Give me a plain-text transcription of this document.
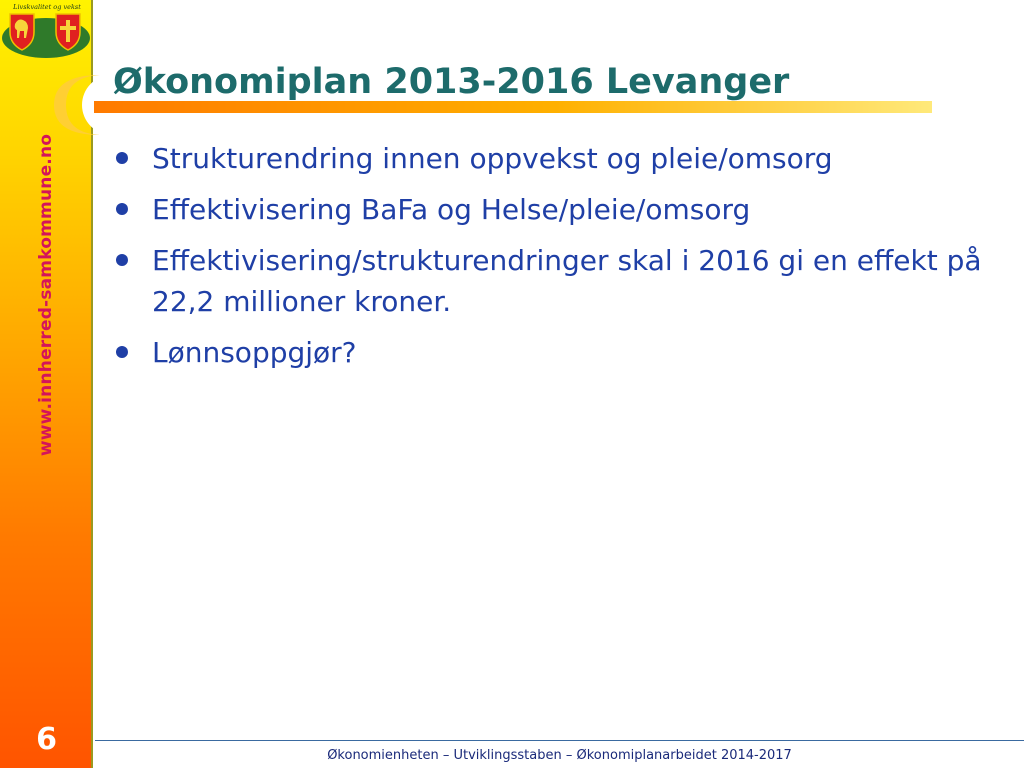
Livskvalitet og vekst
www.innherred-samkommune.no
6
Økonomiplan 2013-2016 Levanger
Strukturendring innen oppvekst og pleie/omsorg
Effektivisering BaFa og Helse/pleie/omsorg
Effektivisering/strukturendringer skal i 2016 gi en effekt på 22,2 millioner kroner.
Lønnsoppgjør?
Økonomienheten – Utviklingsstaben – Økonomiplanarbeidet 2014-2017
